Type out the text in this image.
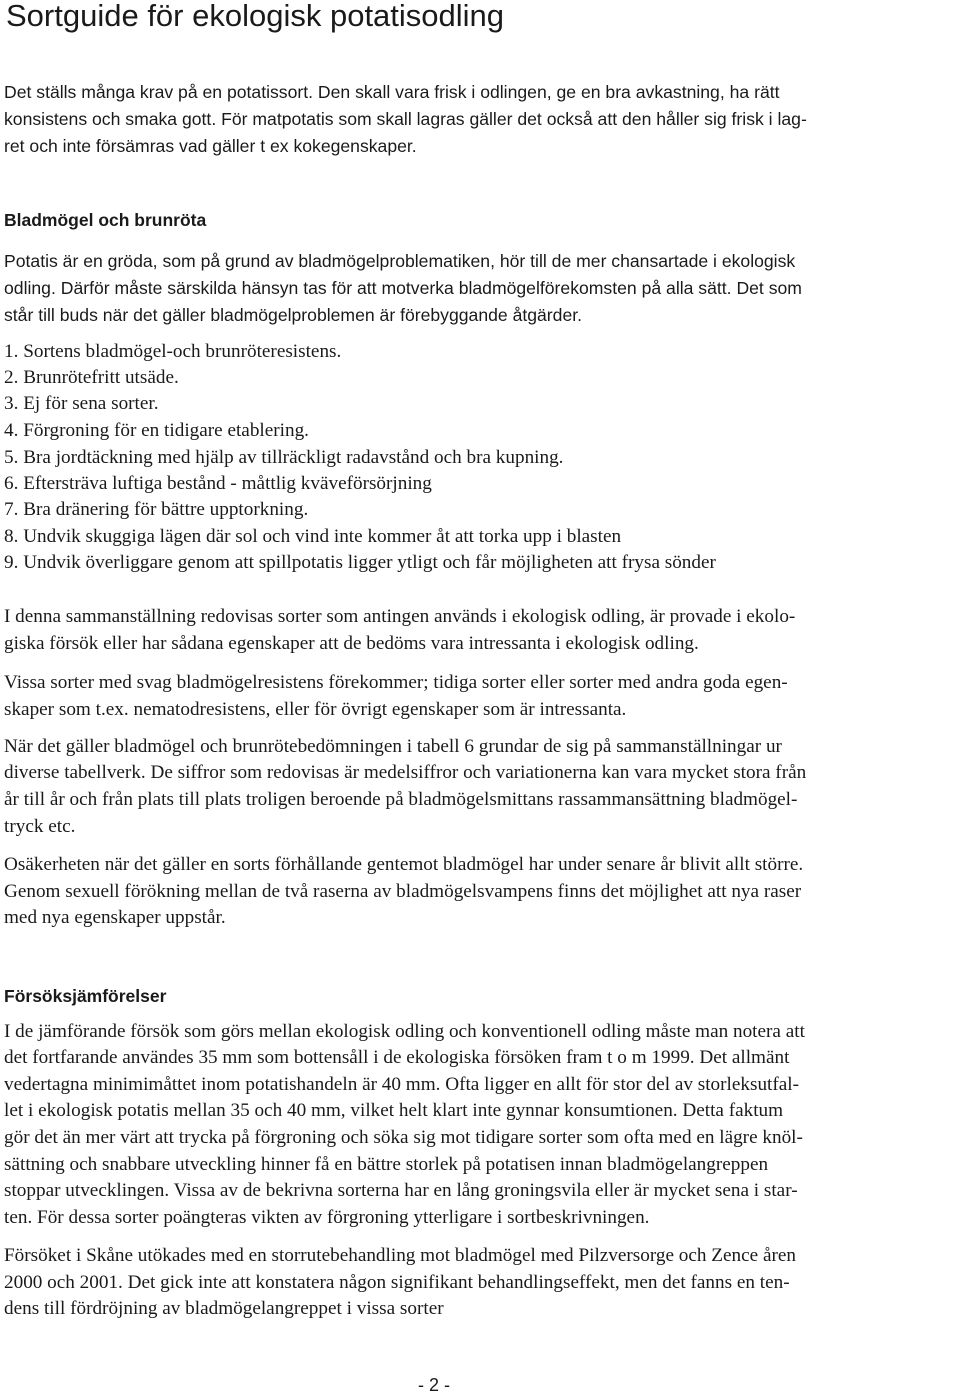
Sortguide för ekologisk potatisodling

Det ställs många krav på en potatissort. Den skall vara frisk i odlingen, ge en bra avkastning, ha rätt

konsistens och smaka gott. För matpotatis som skall lagras gäller det också att den håller sig frisk i lag-

ret och inte försämras vad gäller t ex kokegenskaper.

Bladmögel och brunröta

Potatis är en gröda, som på grund av bladmögelproblematiken, hör till de mer chansartade i ekologisk

odling. Därför måste särskilda hänsyn tas för att motverka bladmögelförekomsten på alla sätt. Det som

står till buds när det gäller bladmögelproblemen är förebyggande åtgärder.

1. Sortens bladmögel-och brunröteresistens.

2. Brunrötefritt utsäde.

3. Ej för sena sorter.

4. Förgroning för en tidigare etablering.

5. Bra jordtäckning med hjälp av tillräckligt radavstånd och bra kupning.

6. Eftersträva luftiga bestånd - måttlig kväveförsörjning

7. Bra dränering för bättre upptorkning.

8. Undvik skuggiga lägen där sol och vind inte kommer åt att torka upp i blasten

9. Undvik överliggare genom att spillpotatis ligger ytligt och får möjligheten att frysa sönder

I denna sammanställning redovisas sorter som antingen används i ekologisk odling, är provade i ekolo-

giska försök eller har sådana egenskaper att de bedöms vara intressanta i ekologisk odling.

Vissa sorter med svag bladmögelresistens förekommer; tidiga sorter eller sorter med andra goda egen-

skaper som t.ex. nematodresistens, eller för övrigt egenskaper som är intressanta.

När det gäller bladmögel och brunrötebedömningen i tabell 6 grundar de sig på sammanställningar ur

diverse tabellverk. De siffror som redovisas är medelsiffror och variationerna kan vara mycket stora från

år till år och från plats till plats troligen beroende på bladmögelsmittans rassammansättning bladmögel-

tryck etc.

Osäkerheten när det gäller en sorts förhållande gentemot bladmögel har under senare år blivit allt större.

Genom sexuell förökning mellan de två raserna av bladmögelsvampens finns det möjlighet att nya raser

med nya egenskaper uppstår.

Försöksjämförelser

I de jämförande försök som görs mellan ekologisk odling och konventionell odling måste man notera att

det fortfarande användes 35 mm som bottensåll i de ekologiska försöken fram t o m 1999. Det allmänt

vedertagna minimimåttet inom potatishandeln är 40 mm. Ofta ligger en allt för stor del av storleksutfal-

let i ekologisk potatis mellan 35 och 40 mm, vilket helt klart inte gynnar konsumtionen. Detta faktum

gör det än mer värt att trycka på förgroning och söka sig mot tidigare sorter som ofta med en lägre knöl-

sättning och snabbare utveckling hinner få en bättre storlek på potatisen innan bladmögelangreppen

stoppar utvecklingen. Vissa av de bekrivna sorterna har en lång groningsvila eller är mycket sena i star-

ten. För dessa sorter poängteras vikten av förgroning ytterligare i sortbeskrivningen.

Försöket i Skåne utökades med en storrutebehandling mot bladmögel med Pilzversorge och Zence åren

2000 och 2001. Det gick inte att konstatera någon signifikant behandlingseffekt, men det fanns en ten-

dens till fördröjning av bladmögelangreppet i vissa sorter

- 2 -
